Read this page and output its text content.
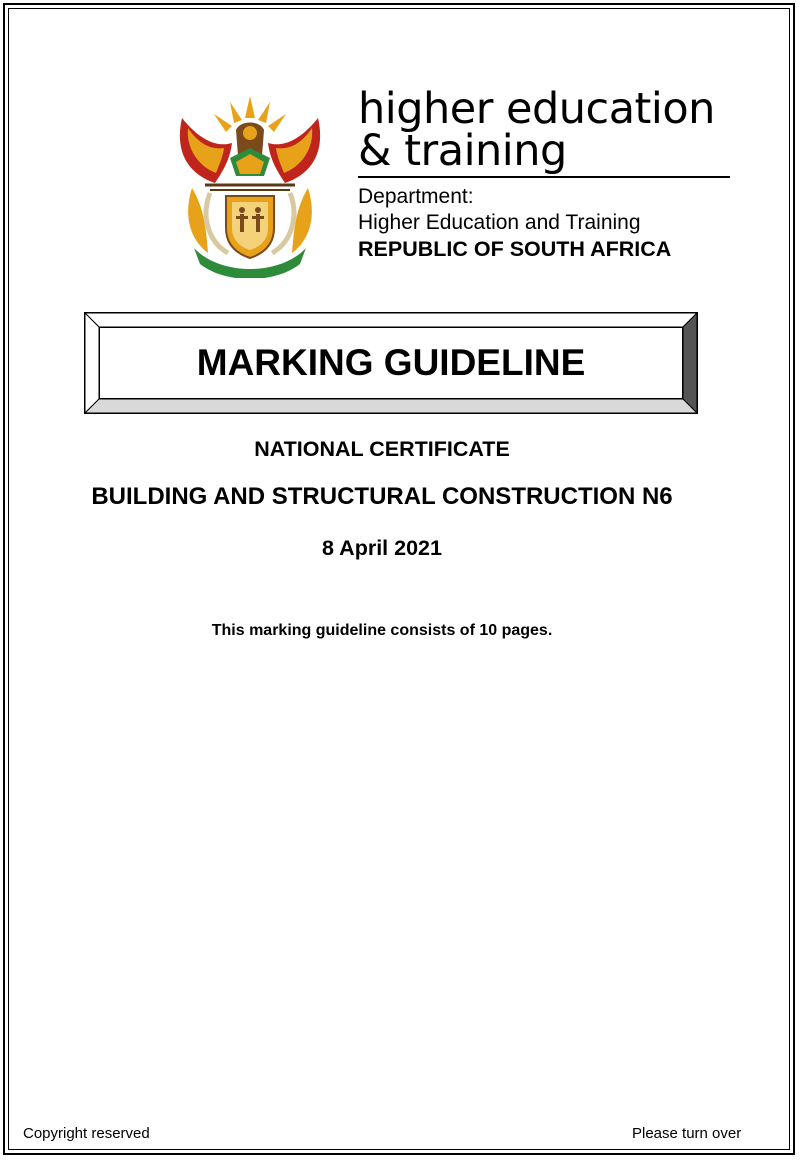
higher education
& training
Department:
Higher Education and Training
REPUBLIC OF SOUTH AFRICA
MARKING GUIDELINE
NATIONAL CERTIFICATE
BUILDING AND STRUCTURAL CONSTRUCTION N6
8 April 2021
This marking guideline consists of 10 pages.
Copyright reserved	Please turn over
